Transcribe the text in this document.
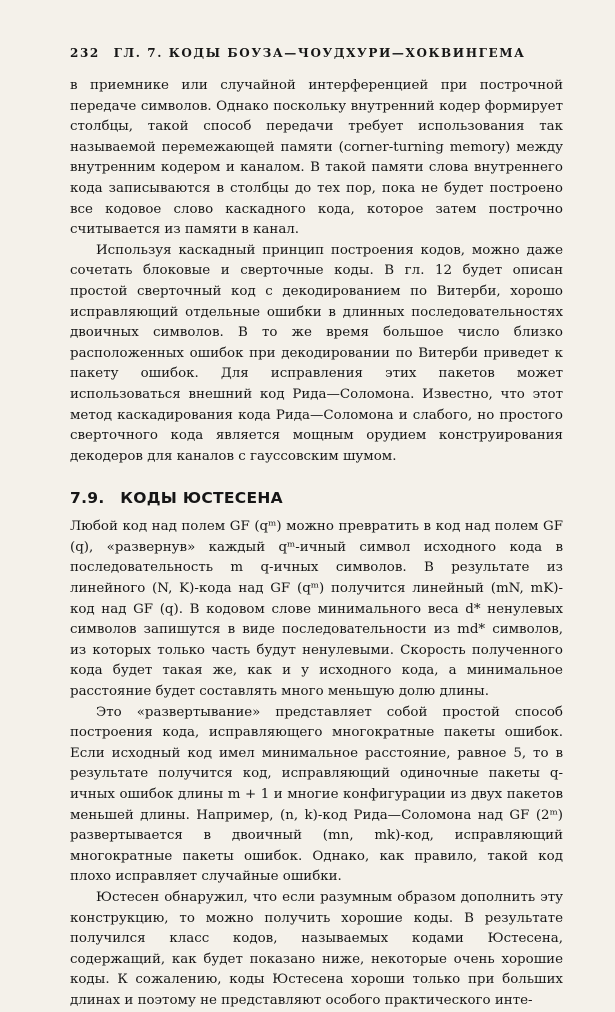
232 ГЛ. 7. КОДЫ БОУЗА—ЧОУДХУРИ—ХОКВИНГЕМА

в приемнике или случайной интерференцией при построчной передаче символов. Однако поскольку внутренний кодер формирует столбцы, такой способ передачи требует использования так называемой перемежающей памяти (corner-turning memory) между внутренним кодером и каналом. В такой памяти слова внутреннего кода записываются в столбцы до тех пор, пока не будет построено все кодовое слово каскадного кода, которое затем построчно считывается из памяти в канал.

Используя каскадный принцип построения кодов, можно даже сочетать блоковые и сверточные коды. В гл. 12 будет описан простой сверточный код с декодированием по Витерби, хорошо исправляющий отдельные ошибки в длинных последовательностях двоичных символов. В то же время большое число близко расположенных ошибок при декодировании по Витерби приведет к пакету ошибок. Для исправления этих пакетов может использоваться внешний код Рида—Соломона. Известно, что этот метод каскадирования кода Рида—Соломона и слабого, но простого сверточного кода является мощным орудием конструирования декодеров для каналов с гауссовским шумом.

7.9. КОДЫ ЮСТЕСЕНА

Любой код над полем GF (qᵐ) можно превратить в код над полем GF (q), «развернув» каждый qᵐ-ичный символ исходного кода в последовательность m q-ичных символов. В результате из линейного (N, K)-кода над GF (qᵐ) получится линейный (mN, mK)-код над GF (q). В кодовом слове минимального веса d* ненулевых символов запишутся в виде последовательности из md* символов, из которых только часть будут ненулевыми. Скорость полученного кода будет такая же, как и у исходного кода, а минимальное расстояние будет составлять много меньшую долю длины.

Это «развертывание» представляет собой простой способ построения кода, исправляющего многократные пакеты ошибок. Если исходный код имел минимальное расстояние, равное 5, то в результате получится код, исправляющий одиночные пакеты q-ичных ошибок длины m + 1 и многие конфигурации из двух пакетов меньшей длины. Например, (n, k)-код Рида—Соломона над GF (2ᵐ) развертывается в двоичный (mn, mk)-код, исправляющий многократные пакеты ошибок. Однако, как правило, такой код плохо исправляет случайные ошибки.

Юстесен обнаружил, что если разумным образом дополнить эту конструкцию, то можно получить хорошие коды. В результате получился класс кодов, называемых кодами Юстесена, содержащий, как будет показано ниже, некоторые очень хорошие коды. К сожалению, коды Юстесена хороши только при больших длинах и поэтому не представляют особого практического инте-
